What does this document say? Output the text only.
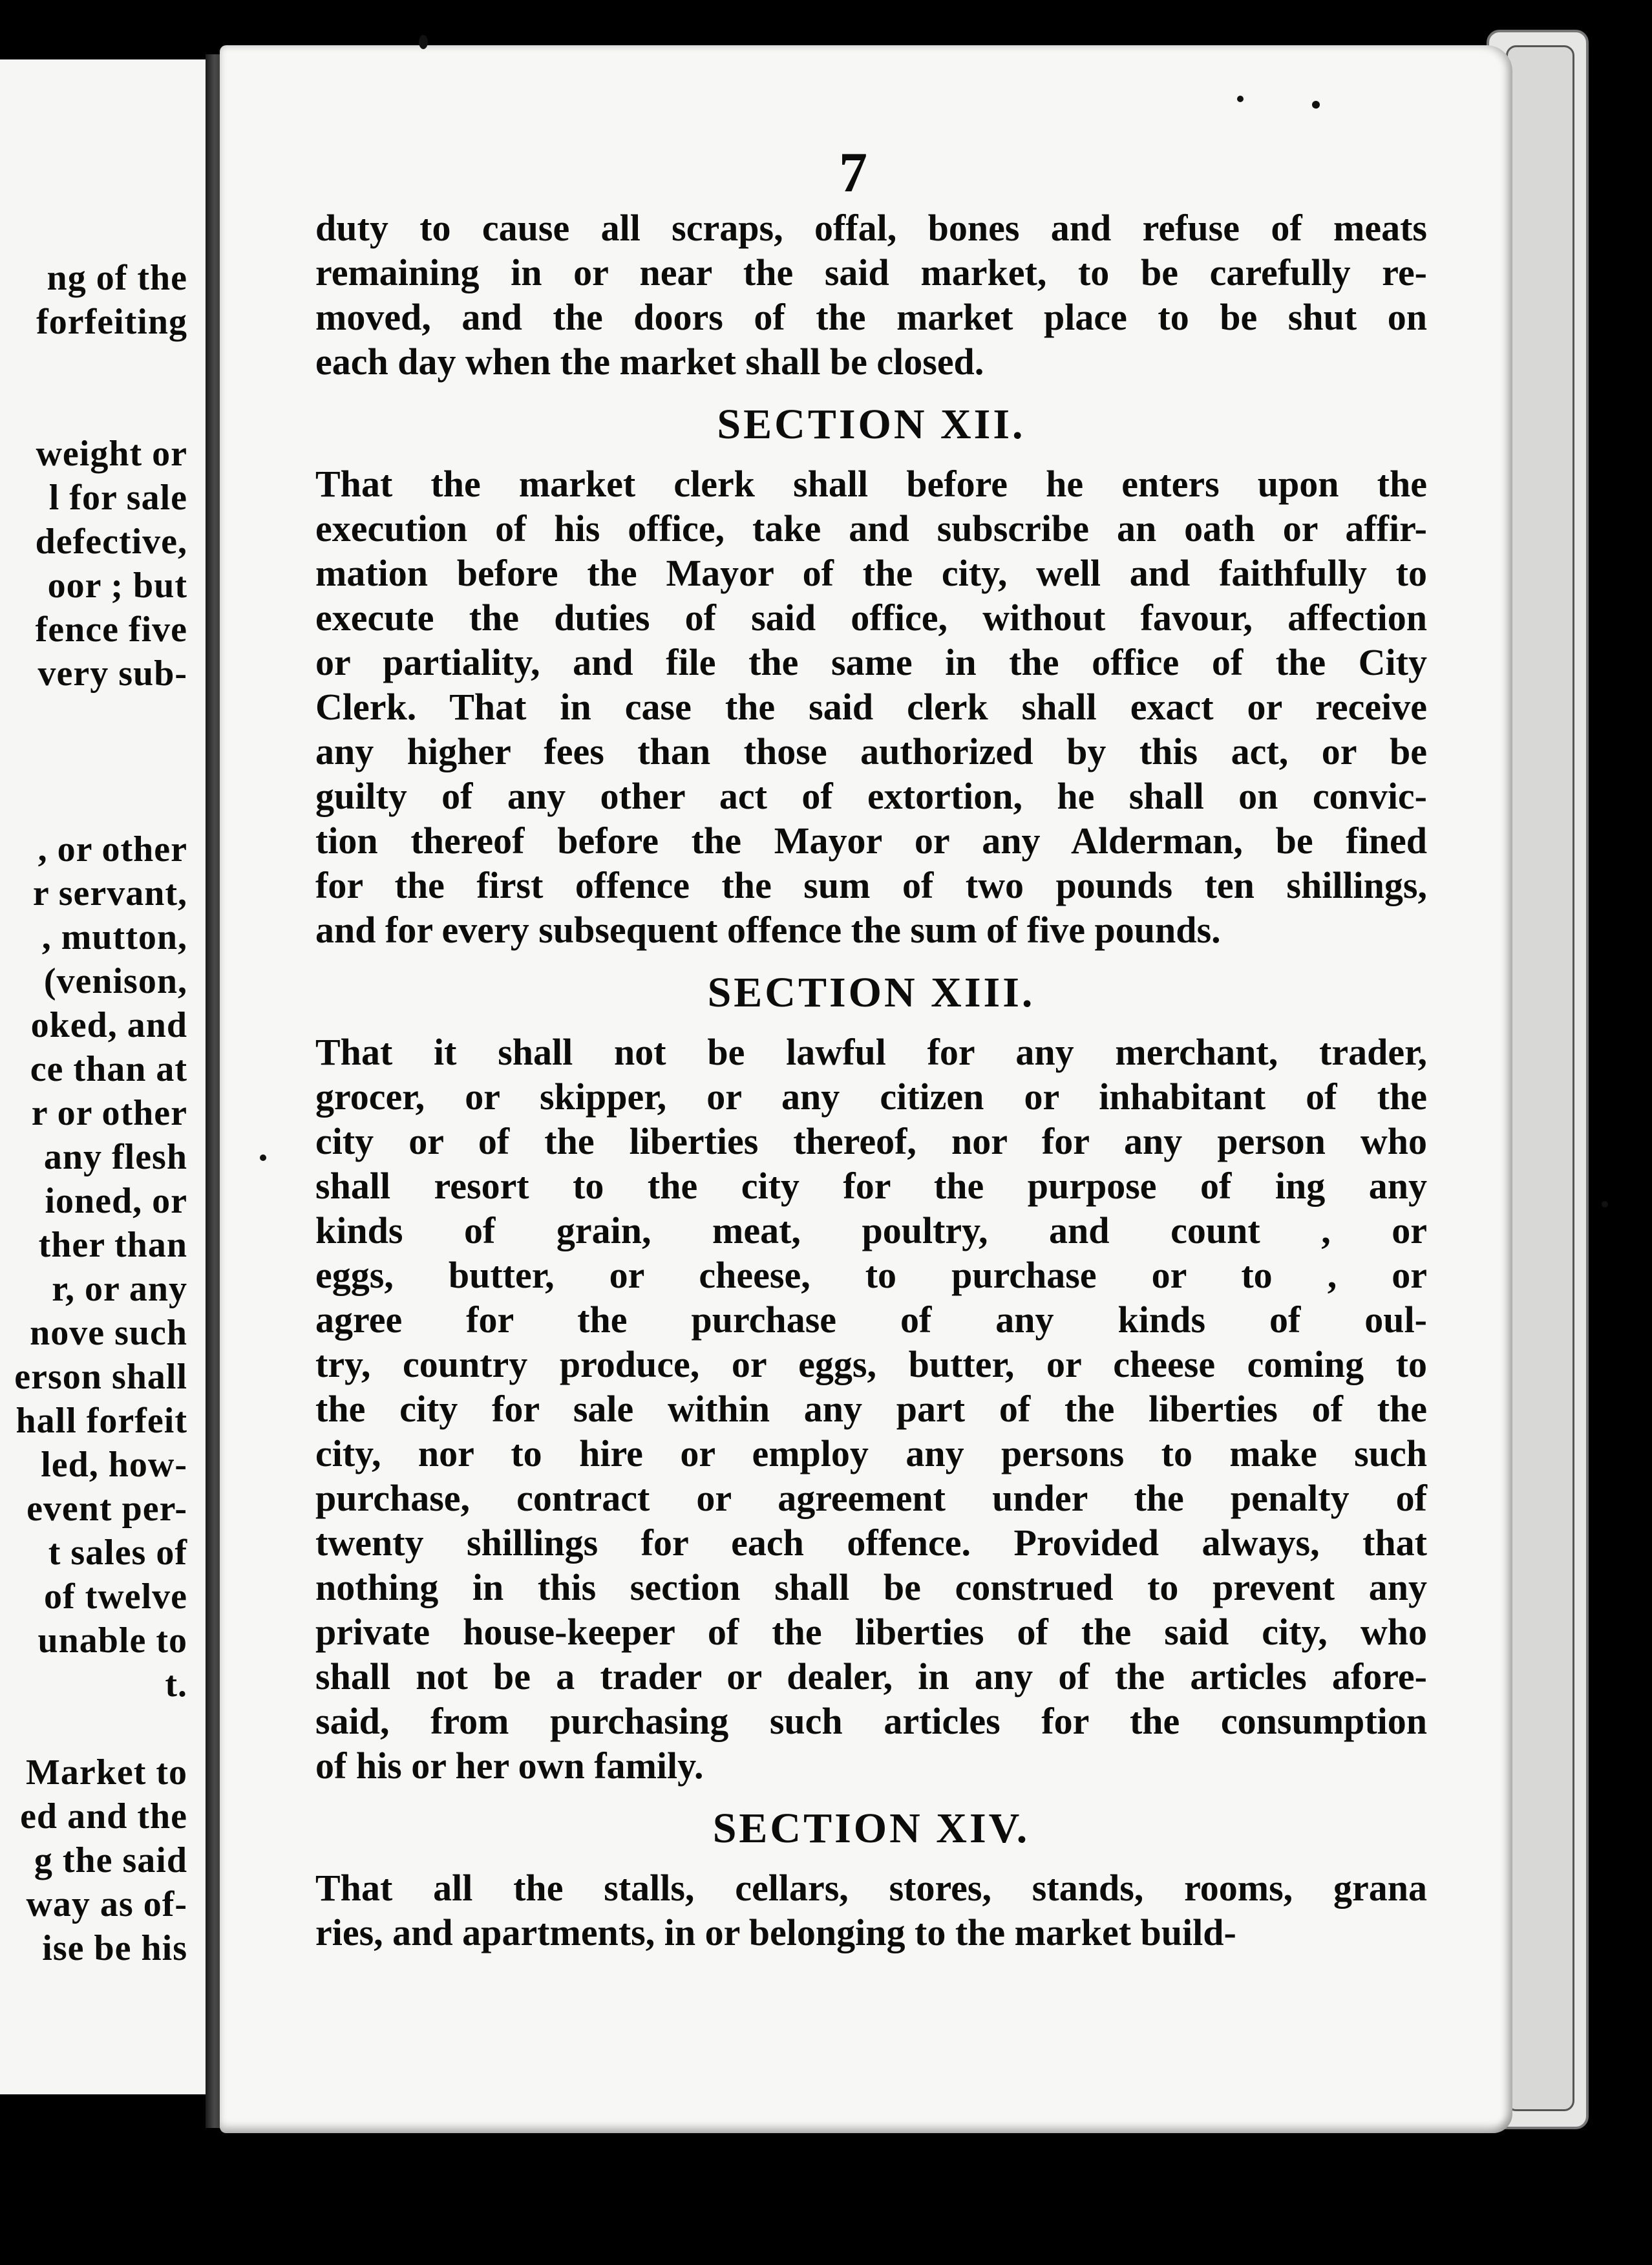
ng of the
forfeiting
weight or
l for sale
defective,
oor ; but
fence five
very sub-
, or other
r servant,
, mutton,
(venison,
oked, and
ce than at
r or other
any flesh
ioned, or
ther than
r, or any
nove such
erson shall
hall forfeit
led, how-
event per-
t sales of
of twelve
unable to
t.
Market to
ed and the
g the said
way as of-
ise be his
7
duty to cause all scraps, offal, bones and refuse of meats
remaining in or near the said market, to be carefully re-
moved, and the doors of the market place to be shut on
each day when the market shall be closed.
SECTION XII.
That the market clerk shall before he enters upon the
execution of his office, take and subscribe an oath or affir-
mation before the Mayor of the city, well and faithfully to
execute the duties of said office, without favour, affection
or partiality, and file the same in the office of the City
Clerk. That in case the said clerk shall exact or receive
any higher fees than those authorized by this act, or be
guilty of any other act of extortion, he shall on convic-
tion thereof before the Mayor or any Alderman, be fined
for the first offence the sum of two pounds ten shillings,
and for every subsequent offence the sum of five pounds.
SECTION XIII.
That it shall not be lawful for any merchant, trader,
grocer, or skipper, or any citizen or inhabitant of the
city or of the liberties thereof, nor for any person who
shall resort to the city for the purpose of ing any
kinds of grain, meat, poultry, and count , or
eggs, butter, or cheese, to purchase or to , or
agree for the purchase of any kinds of oul-
try, country produce, or eggs, butter, or cheese coming to
the city for sale within any part of the liberties of the
city, nor to hire or employ any persons to make such
purchase, contract or agreement under the penalty of
twenty shillings for each offence. Provided always, that
nothing in this section shall be construed to prevent any
private house-keeper of the liberties of the said city, who
shall not be a trader or dealer, in any of the articles afore-
said, from purchasing such articles for the consumption
of his or her own family.
SECTION XIV.
That all the stalls, cellars, stores, stands, rooms, grana
ries, and apartments, in or belonging to the market build-
